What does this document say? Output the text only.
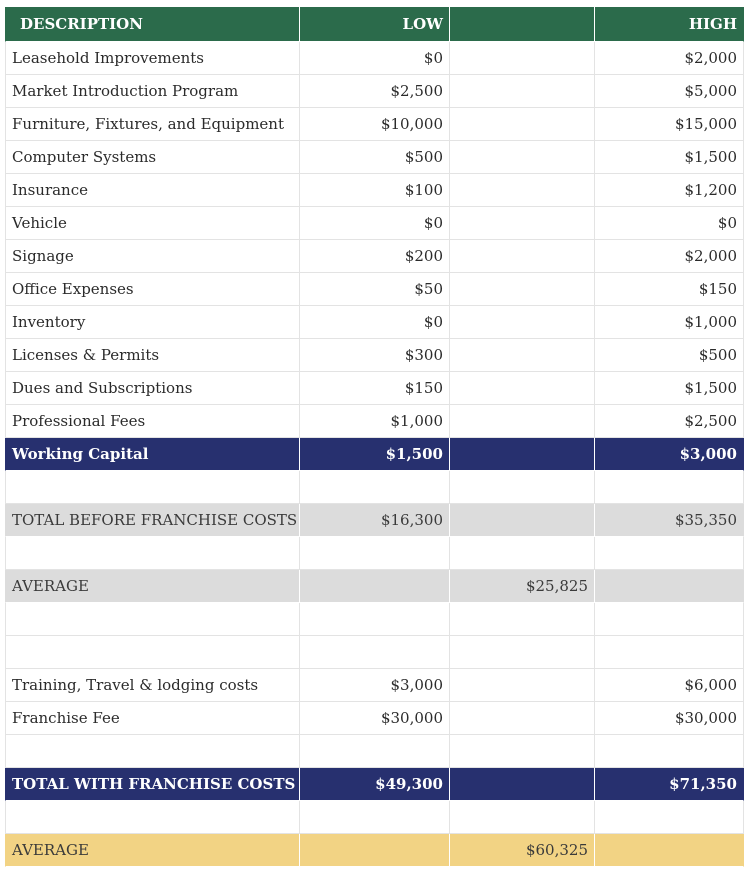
DESCRIPTION	LOW		HIGH
Leasehold Improvements	$0		$2,000
Market Introduction Program	$2,500		$5,000
Furniture, Fixtures, and Equipment	$10,000		$15,000
Computer Systems	$500		$1,500
Insurance	$100		$1,200
Vehicle	$0		$0
Signage	$200		$2,000
Office Expenses	$50		$150
Inventory	$0		$1,000
Licenses & Permits	$300		$500
Dues and Subscriptions	$150		$1,500
Professional Fees	$1,000		$2,500
Working Capital	$1,500		$3,000

TOTAL BEFORE FRANCHISE COSTS	$16,300		$35,350

AVERAGE		$25,825	

Training, Travel & lodging costs	$3,000		$6,000
Franchise Fee	$30,000		$30,000

TOTAL WITH FRANCHISE COSTS	$49,300		$71,350

AVERAGE		$60,325	
